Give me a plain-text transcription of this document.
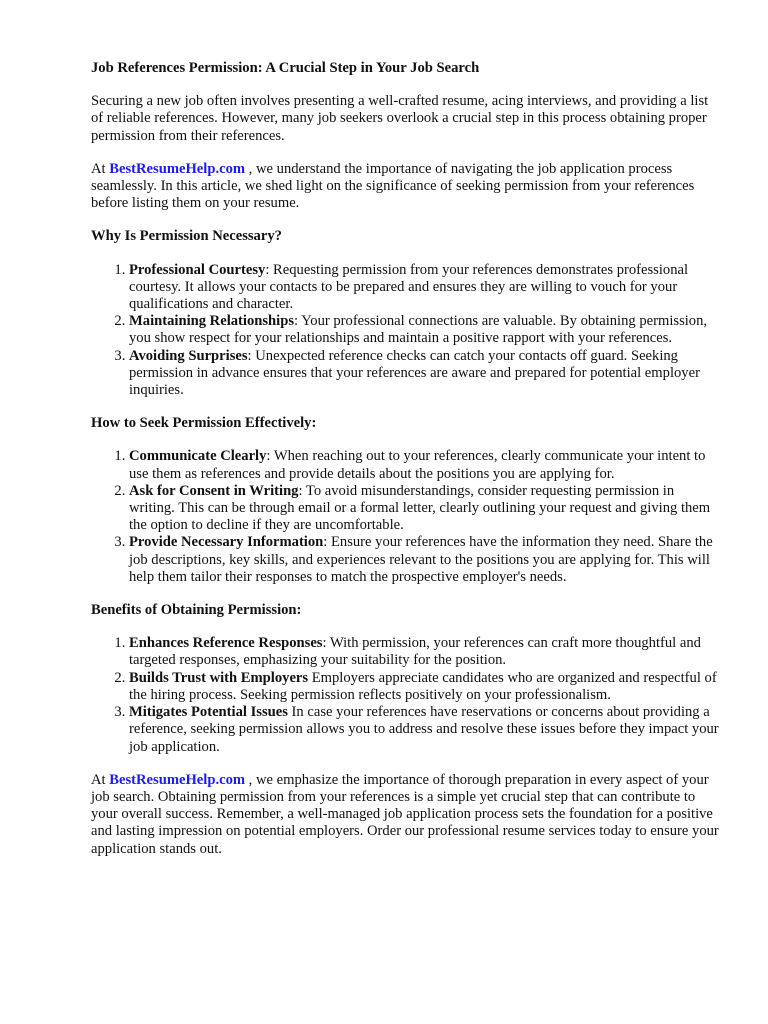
Job References Permission: A Crucial Step in Your Job Search

Securing a new job often involves presenting a well-crafted resume, acing interviews, and providing a list of reliable references. However, many job seekers overlook a crucial step in this process obtaining proper permission from their references.

At BestResumeHelp.com , we understand the importance of navigating the job application process seamlessly. In this article, we shed light on the significance of seeking permission from your references before listing them on your resume.

Why Is Permission Necessary?
1. Professional Courtesy: Requesting permission from your references demonstrates professional courtesy. It allows your contacts to be prepared and ensures they are willing to vouch for your qualifications and character.
2. Maintaining Relationships: Your professional connections are valuable. By obtaining permission, you show respect for your relationships and maintain a positive rapport with your references.
3. Avoiding Surprises: Unexpected reference checks can catch your contacts off guard. Seeking permission in advance ensures that your references are aware and prepared for potential employer inquiries.
How to Seek Permission Effectively:
1. Communicate Clearly: When reaching out to your references, clearly communicate your intent to use them as references and provide details about the positions you are applying for.
2. Ask for Consent in Writing: To avoid misunderstandings, consider requesting permission in writing. This can be through email or a formal letter, clearly outlining your request and giving them the option to decline if they are uncomfortable.
3. Provide Necessary Information: Ensure your references have the information they need. Share the job descriptions, key skills, and experiences relevant to the positions you are applying for. This will help them tailor their responses to match the prospective employer's needs.
Benefits of Obtaining Permission:
1. Enhances Reference Responses: With permission, your references can craft more thoughtful and targeted responses, emphasizing your suitability for the position.
2. Builds Trust with Employers Employers appreciate candidates who are organized and respectful of the hiring process. Seeking permission reflects positively on your professionalism.
3. Mitigates Potential Issues In case your references have reservations or concerns about providing a reference, seeking permission allows you to address and resolve these issues before they impact your job application.

At BestResumeHelp.com , we emphasize the importance of thorough preparation in every aspect of your job search. Obtaining permission from your references is a simple yet crucial step that can contribute to your overall success. Remember, a well-managed job application process sets the foundation for a positive and lasting impression on potential employers. Order our professional resume services today to ensure your application stands out.
